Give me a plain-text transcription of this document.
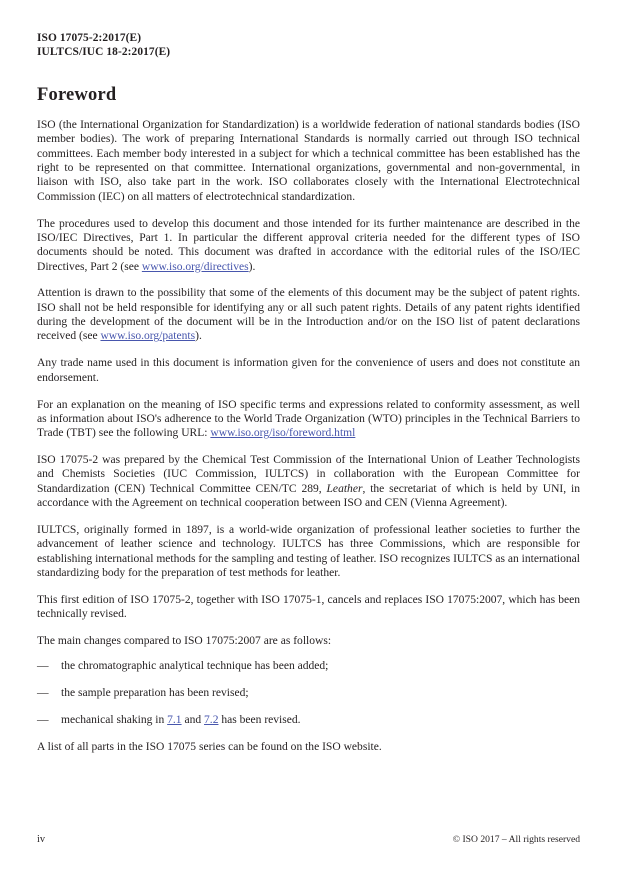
ISO 17075-2:2017(E)
IULTCS/IUC 18-2:2017(E)
Foreword

ISO (the International Organization for Standardization) is a worldwide federation of national standards bodies (ISO member bodies). The work of preparing International Standards is normally carried out through ISO technical committees. Each member body interested in a subject for which a technical committee has been established has the right to be represented on that committee. International organizations, governmental and non-governmental, in liaison with ISO, also take part in the work. ISO collaborates closely with the International Electrotechnical Commission (IEC) on all matters of electrotechnical standardization.

The procedures used to develop this document and those intended for its further maintenance are described in the ISO/IEC Directives, Part 1. In particular the different approval criteria needed for the different types of ISO documents should be noted. This document was drafted in accordance with the editorial rules of the ISO/IEC Directives, Part 2 (see www.iso.org/directives).

Attention is drawn to the possibility that some of the elements of this document may be the subject of patent rights. ISO shall not be held responsible for identifying any or all such patent rights. Details of any patent rights identified during the development of the document will be in the Introduction and/or on the ISO list of patent declarations received (see www.iso.org/patents).

Any trade name used in this document is information given for the convenience of users and does not constitute an endorsement.

For an explanation on the meaning of ISO specific terms and expressions related to conformity assessment, as well as information about ISO's adherence to the World Trade Organization (WTO) principles in the Technical Barriers to Trade (TBT) see the following URL: www.iso.org/iso/foreword.html

ISO 17075-2 was prepared by the Chemical Test Commission of the International Union of Leather Technologists and Chemists Societies (IUC Commission, IULTCS) in collaboration with the European Committee for Standardization (CEN) Technical Committee CEN/TC 289, Leather, the secretariat of which is held by UNI, in accordance with the Agreement on technical cooperation between ISO and CEN (Vienna Agreement).

IULTCS, originally formed in 1897, is a world-wide organization of professional leather societies to further the advancement of leather science and technology. IULTCS has three Commissions, which are responsible for establishing international methods for the sampling and testing of leather. ISO recognizes IULTCS as an international standardizing body for the preparation of test methods for leather.

This first edition of ISO 17075-2, together with ISO 17075-1, cancels and replaces ISO 17075:2007, which has been technically revised.

The main changes compared to ISO 17075:2007 are as follows:

— the chromatographic analytical technique has been added;
— the sample preparation has been revised;
— mechanical shaking in 7.1 and 7.2 has been revised.

A list of all parts in the ISO 17075 series can be found on the ISO website.

iv	© ISO 2017 – All rights reserved
